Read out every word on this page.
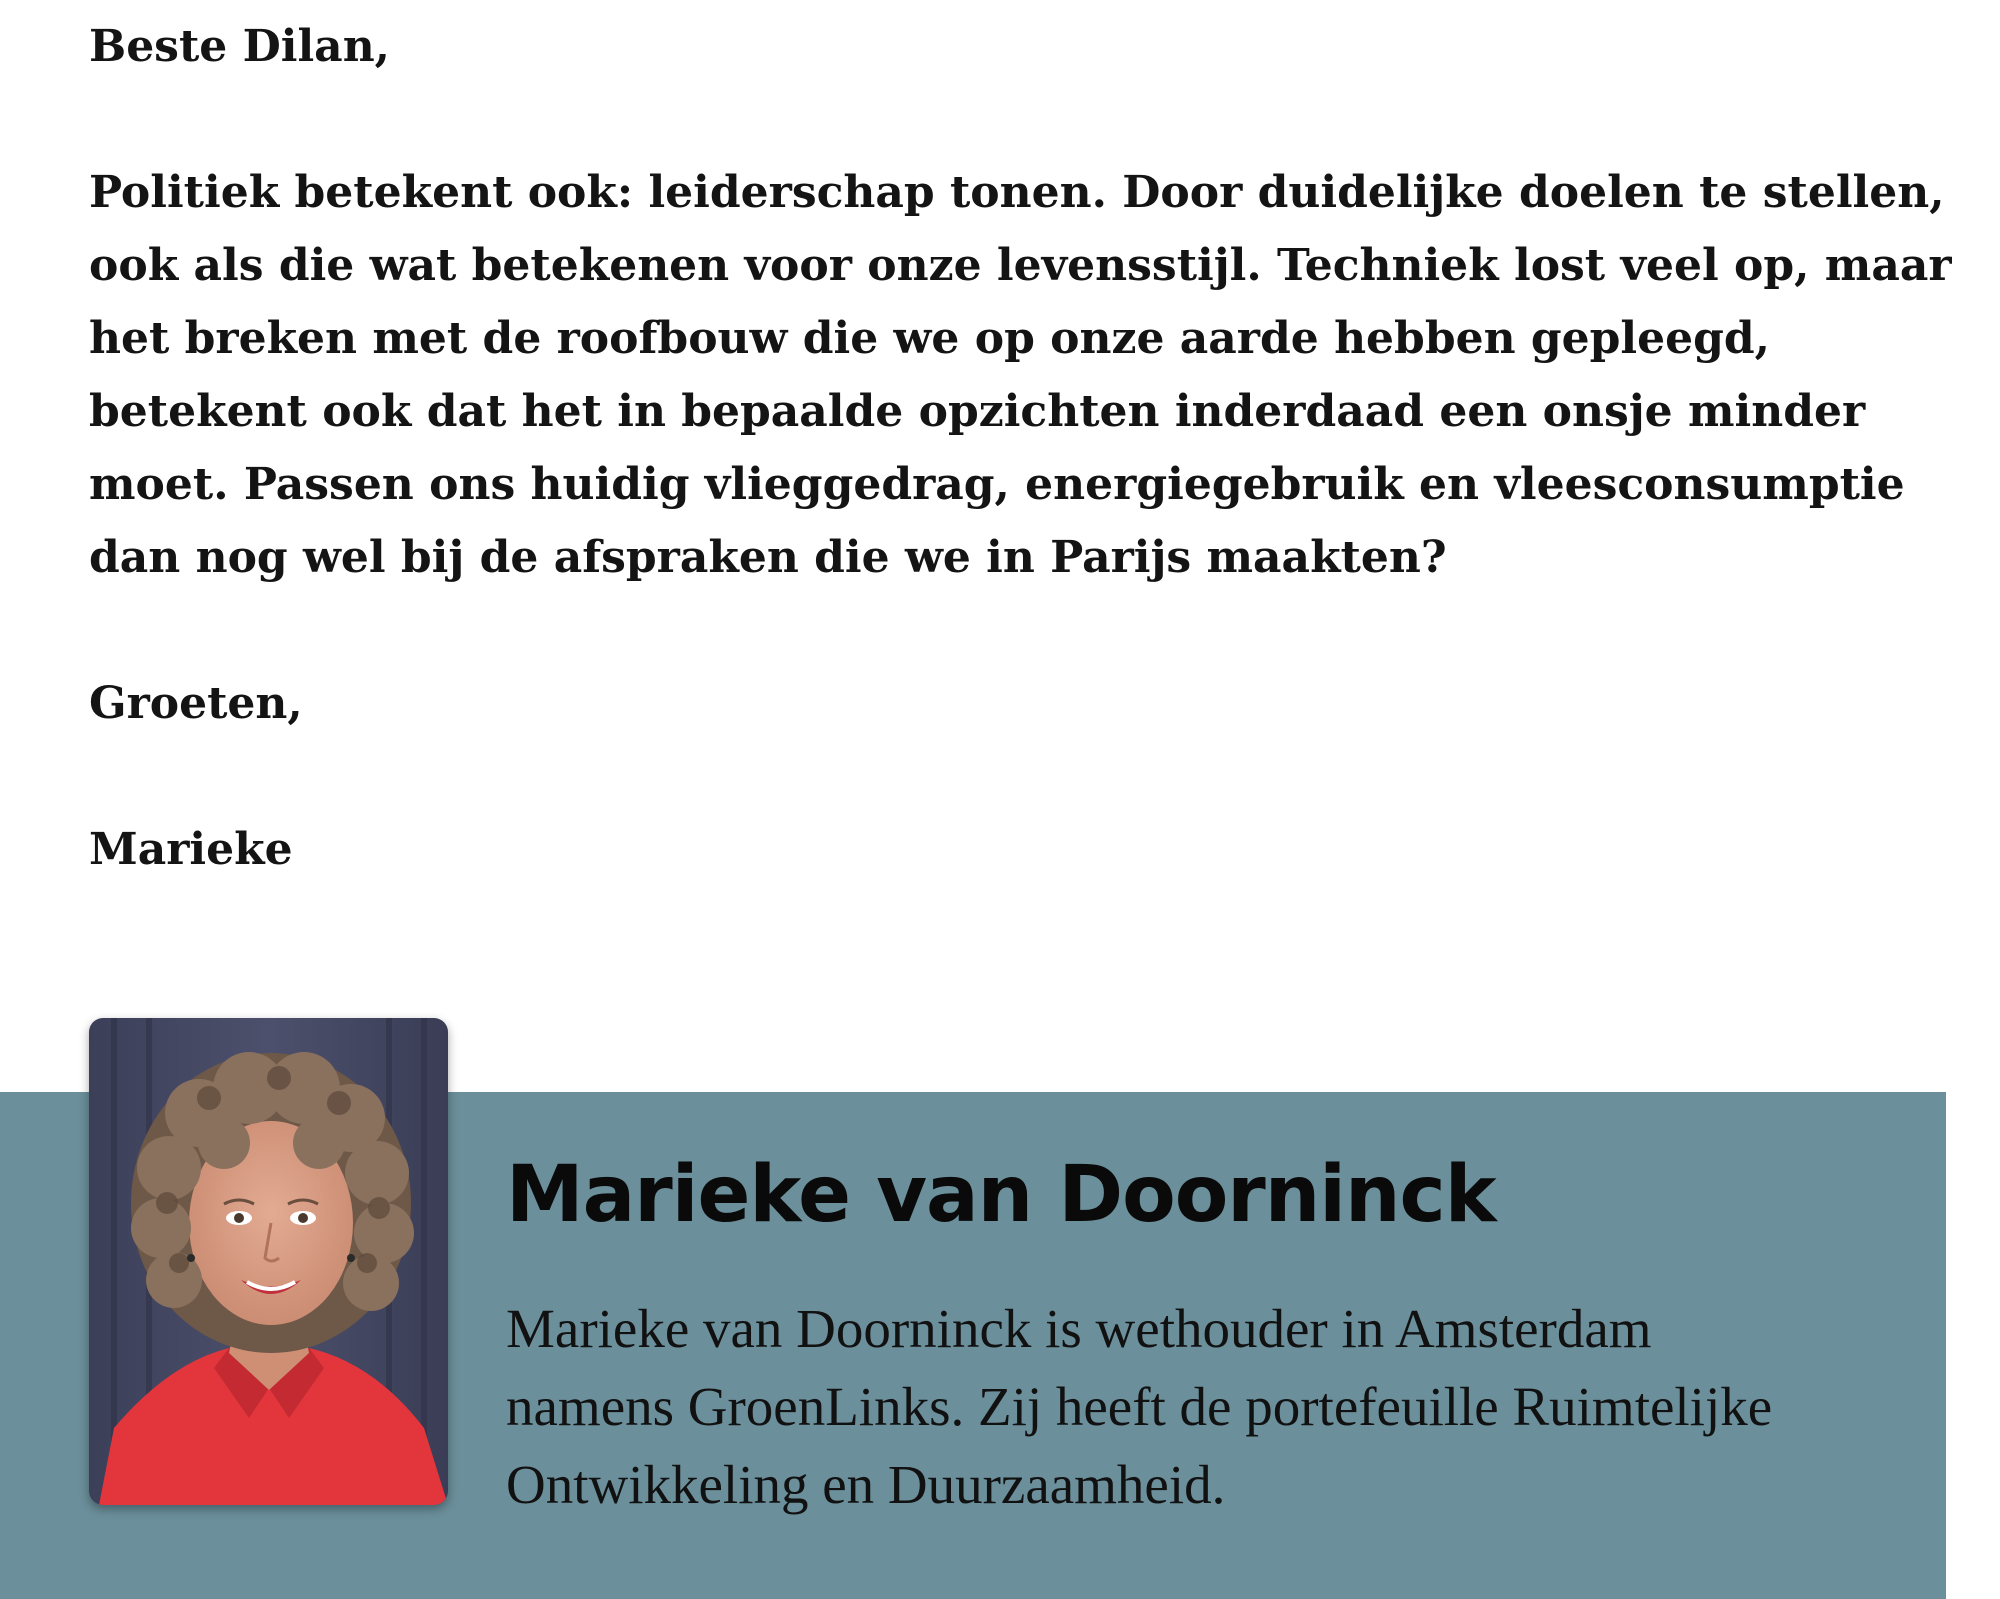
Beste Dilan,

Politiek betekent ook: leiderschap tonen. Door duidelijke doelen te stellen, ook als die wat betekenen voor onze levensstijl. Techniek lost veel op, maar het breken met de roofbouw die we op onze aarde hebben gepleegd, betekent ook dat het in bepaalde opzichten inderdaad een onsje minder moet. Passen ons huidig vlieggedrag, energiegebruik en vleesconsumptie dan nog wel bij de afspraken die we in Parijs maakten?

Groeten,

Marieke

Marieke van Doorninck

Marieke van Doorninck is wethouder in Amsterdam namens GroenLinks. Zij heeft de portefeuille Ruimtelijke Ontwikkeling en Duurzaamheid.
